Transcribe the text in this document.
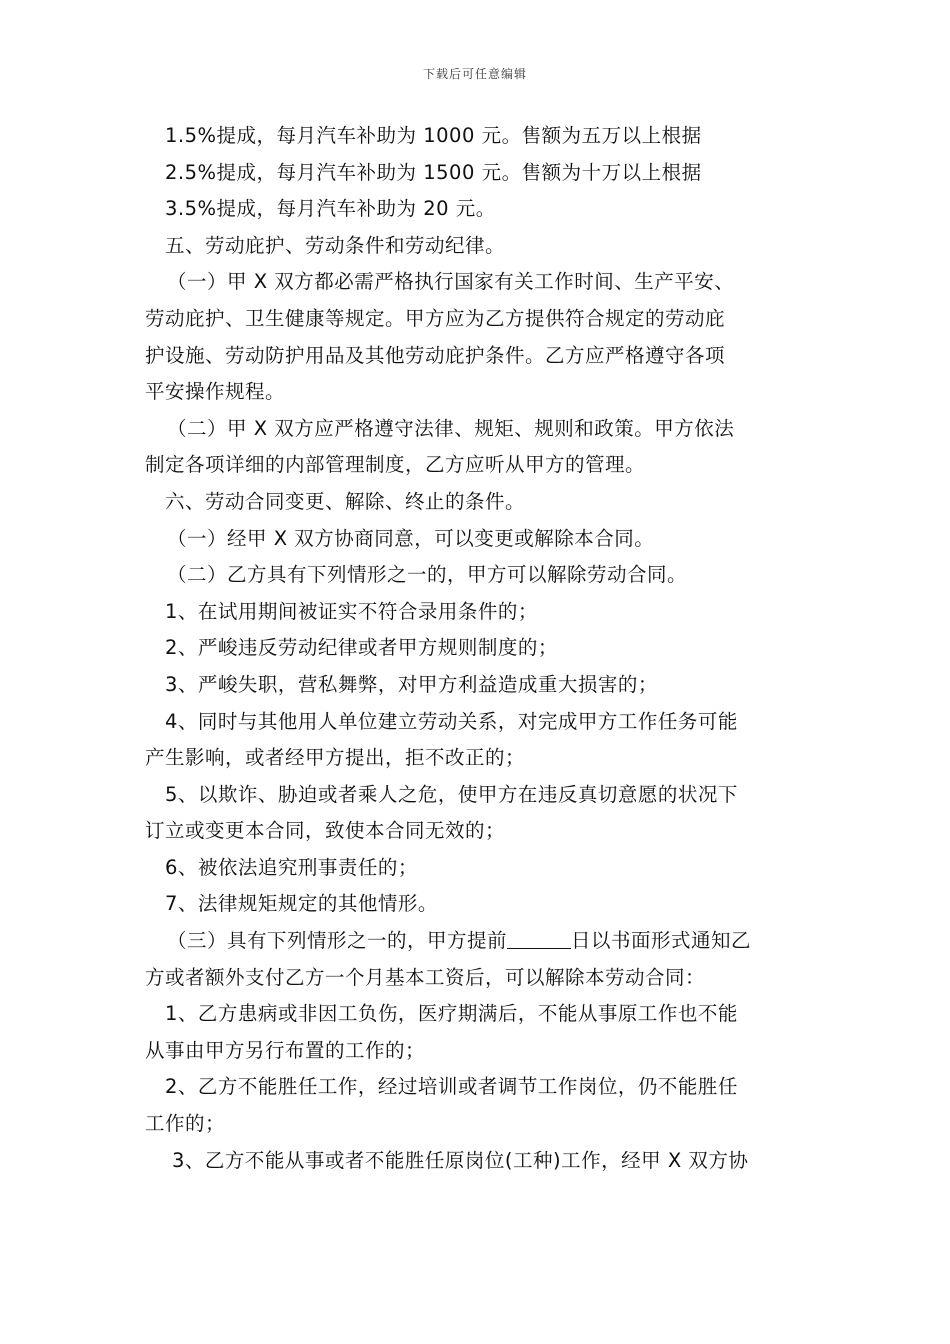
下载后可任意编辑
1.5%提成，每月汽车补助为 1000 元。售额为五万以上根据
2.5%提成，每月汽车补助为 1500 元。售额为十万以上根据
3.5%提成，每月汽车补助为 20 元。
五、劳动庇护、劳动条件和劳动纪律。
（一）甲 X 双方都必需严格执行国家有关工作时间、生产平安、
劳动庇护、卫生健康等规定。甲方应为乙方提供符合规定的劳动庇
护设施、劳动防护用品及其他劳动庇护条件。乙方应严格遵守各项
平安操作规程。
（二）甲 X 双方应严格遵守法律、规矩、规则和政策。甲方依法
制定各项详细的内部管理制度，乙方应听从甲方的管理。
六、劳动合同变更、解除、终止的条件。
（一）经甲 X 双方协商同意，可以变更或解除本合同。
（二）乙方具有下列情形之一的，甲方可以解除劳动合同。
1、在试用期间被证实不符合录用条件的；
2、严峻违反劳动纪律或者甲方规则制度的；
3、严峻失职，营私舞弊，对甲方利益造成重大损害的；
4、同时与其他用人单位建立劳动关系，对完成甲方工作任务可能
产生影响，或者经甲方提出，拒不改正的；
5、以欺诈、胁迫或者乘人之危，使甲方在违反真切意愿的状况下
订立或变更本合同，致使本合同无效的；
6、被依法追究刑事责任的；
7、法律规矩规定的其他情形。
（三）具有下列情形之一的，甲方提前	日以书面形式通知乙
方或者额外支付乙方一个月基本工资后，可以解除本劳动合同：
1、乙方患病或非因工负伤，医疗期满后，不能从事原工作也不能
从事由甲方另行布置的工作的；
2、乙方不能胜任工作，经过培训或者调节工作岗位，仍不能胜任
工作的；
3、乙方不能从事或者不能胜任原岗位(工种)工作，经甲 X 双方协
